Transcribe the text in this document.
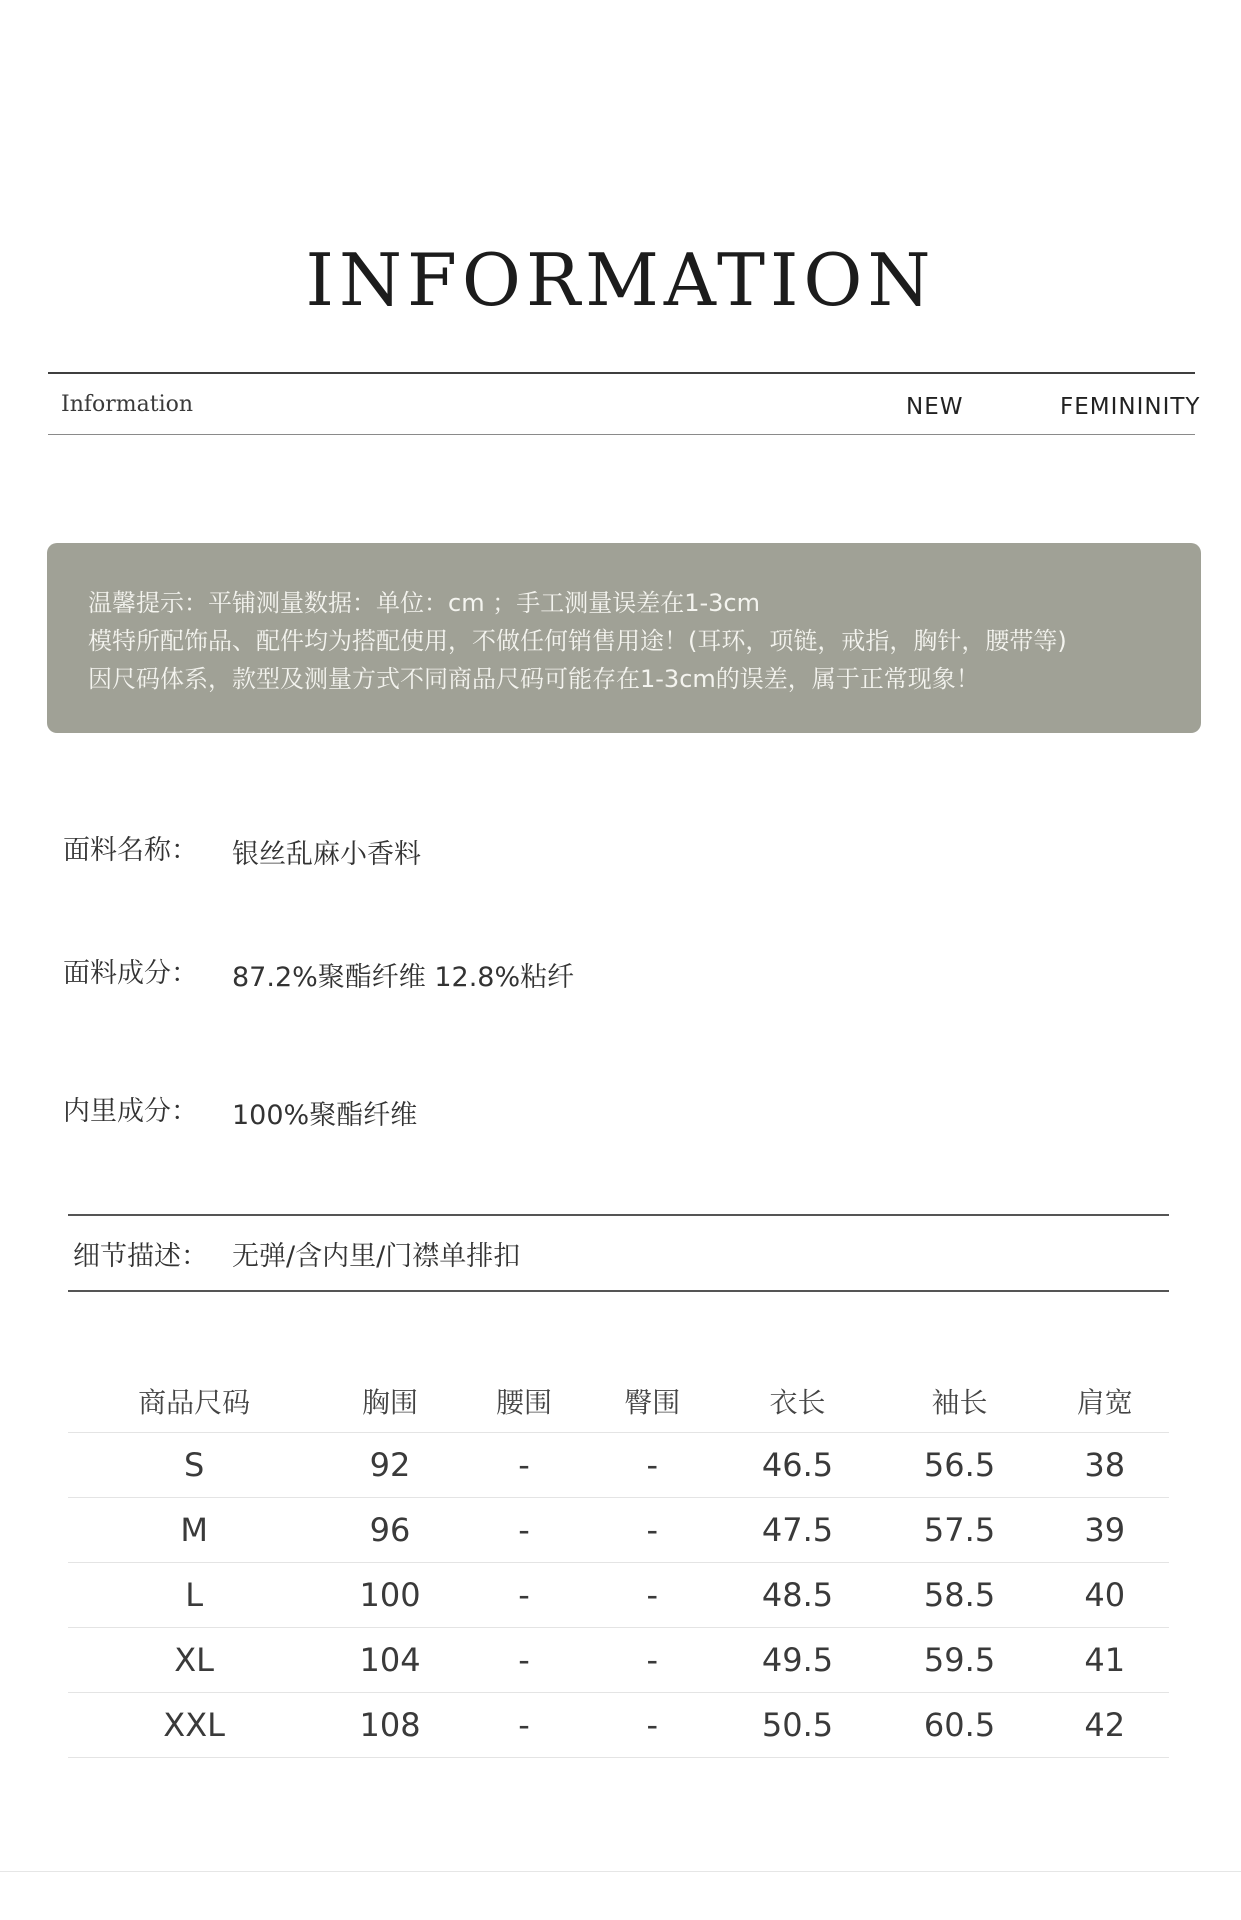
INFORMATION
Information	NEW	FEMININITY
温馨提示：平铺测量数据：单位：cm ；手工测量误差在1-3cm
模特所配饰品、配件均为搭配使用，不做任何销售用途！(耳环，项链，戒指，胸针，腰带等)
因尺码体系，款型及测量方式不同商品尺码可能存在1-3cm的误差，属于正常现象！
面料名称： 银丝乱麻小香料
面料成分： 87.2%聚酯纤维 12.8%粘纤
内里成分： 100%聚酯纤维
细节描述： 无弹/含内里/门襟单排扣
商品尺码	胸围	腰围	臀围	衣长	袖长	肩宽
S	92	-	-	46.5	56.5	38
M	96	-	-	47.5	57.5	39
L	100	-	-	48.5	58.5	40
XL	104	-	-	49.5	59.5	41
XXL	108	-	-	50.5	60.5	42
